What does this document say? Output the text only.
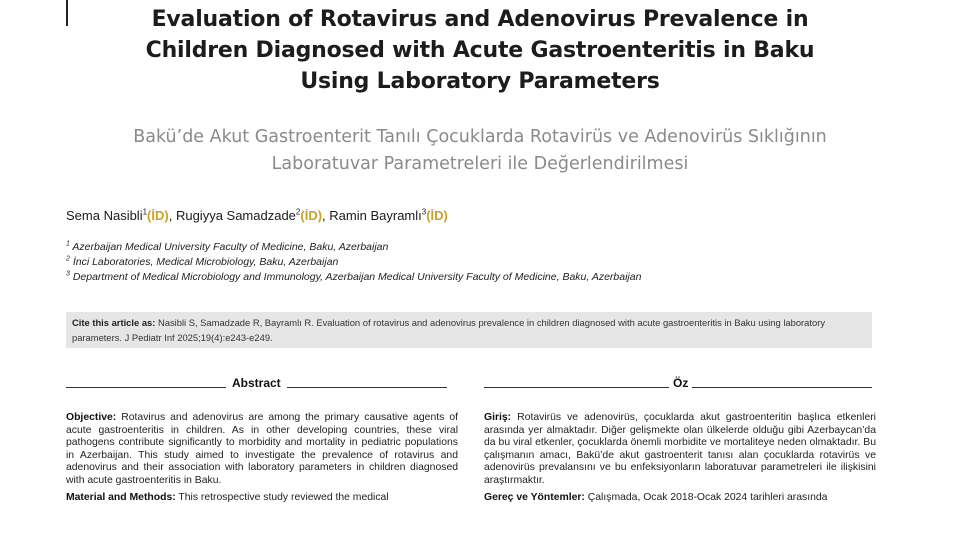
Evaluation of Rotavirus and Adenovirus Prevalence in
Children Diagnosed with Acute Gastroenteritis in Baku
Using Laboratory Parameters
Bakü’de Akut Gastroenterit Tanılı Çocuklarda Rotavirüs ve Adenovirüs Sıklığının
Laboratuvar Parametreleri ile Değerlendirilmesi
Sema Nasibli$^1$(İD), Rugiyya Samadzade$^2$(İD), Ramin Bayramlı$^3$(İD)
$^1$ Azerbaijan Medical University Faculty of Medicine, Baku, Azerbaijan
$^2$ İnci Laboratories, Medical Microbiology, Baku, Azerbaijan
$^3$ Department of Medical Microbiology and Immunology, Azerbaijan Medical University Faculty of Medicine, Baku, Azerbaijan
Cite this article as: Nasibli S, Samadzade R, Bayramlı R. Evaluation of rotavirus and adenovirus prevalence in children diagnosed with acute gastroenteritis in Baku using laboratory parameters. J Pediatr Inf 2025;19(4):e243-e249.
Abstract	Öz
Objective: Rotavirus and adenovirus are among the primary causative agents of acute gastroenteritis in children. As in other developing countries, these viral pathogens contribute significantly to morbidity and mortality in pediatric populations in Azerbaijan. This study aimed to investigate the prevalence of rotavirus and adenovirus and their association with laboratory parameters in children diagnosed with acute gastroenteritis in Baku.
Material and Methods: This retrospective study reviewed the medical
Giriş: Rotavirüs ve adenovirüs, çocuklarda akut gastroenteritin başlıca etkenleri arasında yer almaktadır. Diğer gelişmekte olan ülkelerde olduğu gibi Azerbaycan’da da bu viral etkenler, çocuklarda önemli morbidite ve mortaliteye neden olmaktadır. Bu çalışmanın amacı, Bakü’de akut gastroenterit tanısı alan çocuklarda rotavirüs ve adenovirüs prevalansını ve bu enfeksiyonların laboratuvar parametreleri ile ilişkisini araştırmaktır.
Gereç ve Yöntemler: Çalışmada, Ocak 2018-Ocak 2024 tarihleri arasında
